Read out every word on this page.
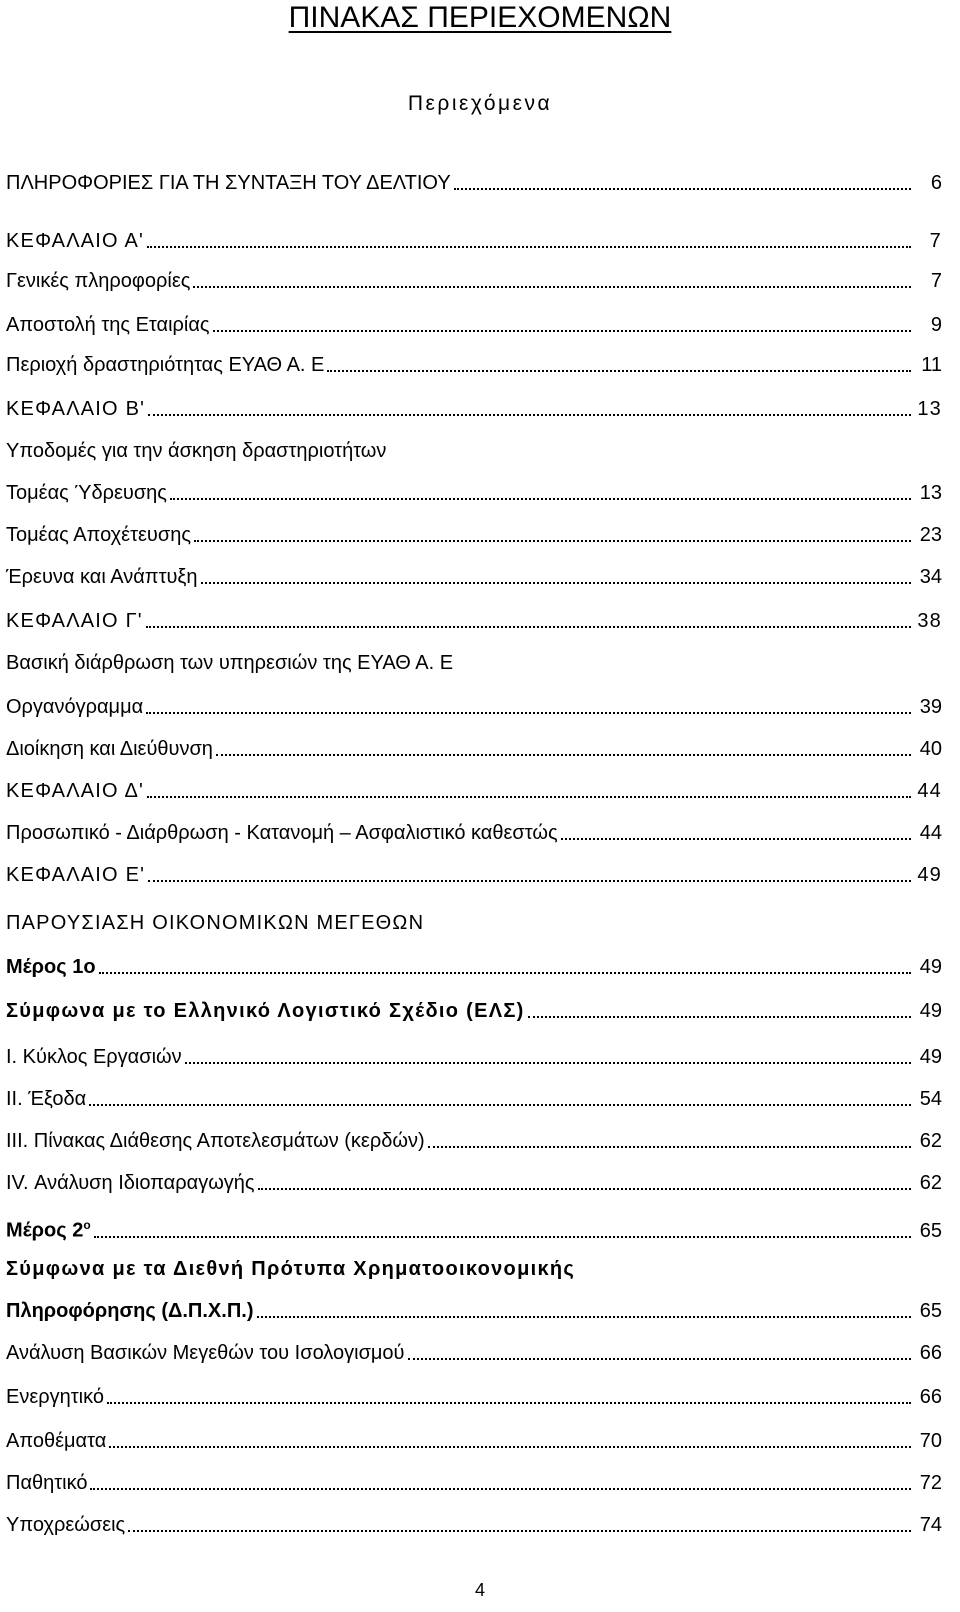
ΠΙΝΑΚΑΣ ΠΕΡΙΕΧΟΜΕΝΩΝ
Περιεχόμενα
ΠΛΗΡΟΦΟΡΙΕΣ ΓΙΑ ΤΗ ΣΥΝΤΑΞΗ ΤΟΥ ΔΕΛΤΙΟΥ	6
ΚΕΦΑΛΑΙΟ Α'	7
Γενικές πληροφορίες	7
Αποστολή της Εταιρίας	9
Περιοχή δραστηριότητας ΕΥΑΘ Α. Ε	11
ΚΕΦΑΛΑΙΟ Β'	13
Υποδομές για την άσκηση δραστηριοτήτων
Τομέας Ύδρευσης	13
Τομέας Αποχέτευσης	23
Έρευνα και Ανάπτυξη	34
ΚΕΦΑΛΑΙΟ Γ'	38
Βασική διάρθρωση των υπηρεσιών της ΕΥΑΘ Α. Ε
Οργανόγραμμα	39
Διοίκηση και Διεύθυνση	40
ΚΕΦΑΛΑΙΟ Δ'	44
Προσωπικό - Διάρθρωση - Κατανομή – Ασφαλιστικό καθεστώς	44
ΚΕΦΑΛΑΙΟ Ε'	49
ΠΑΡΟΥΣΙΑΣΗ ΟΙΚΟΝΟΜΙΚΩΝ ΜΕΓΕΘΩΝ
Μέρος 1ο	49
Σύμφωνα με το Ελληνικό Λογιστικό Σχέδιο (ΕΛΣ)	49
I. Κύκλος Εργασιών	49
II. Έξοδα	54
III. Πίνακας Διάθεσης Αποτελεσμάτων (κερδών)	62
IV. Ανάλυση Ιδιοπαραγωγής	62
Μέρος $2^o$	65
Σύμφωνα με τα Διεθνή Πρότυπα Χρηματοοικονομικής
Πληροφόρησης (Δ.Π.Χ.Π.)	65
Ανάλυση Βασικών Μεγεθών του Ισολογισμού	66
Ενεργητικό	66
Αποθέματα	70
Παθητικό	72
Υποχρεώσεις	74
4
